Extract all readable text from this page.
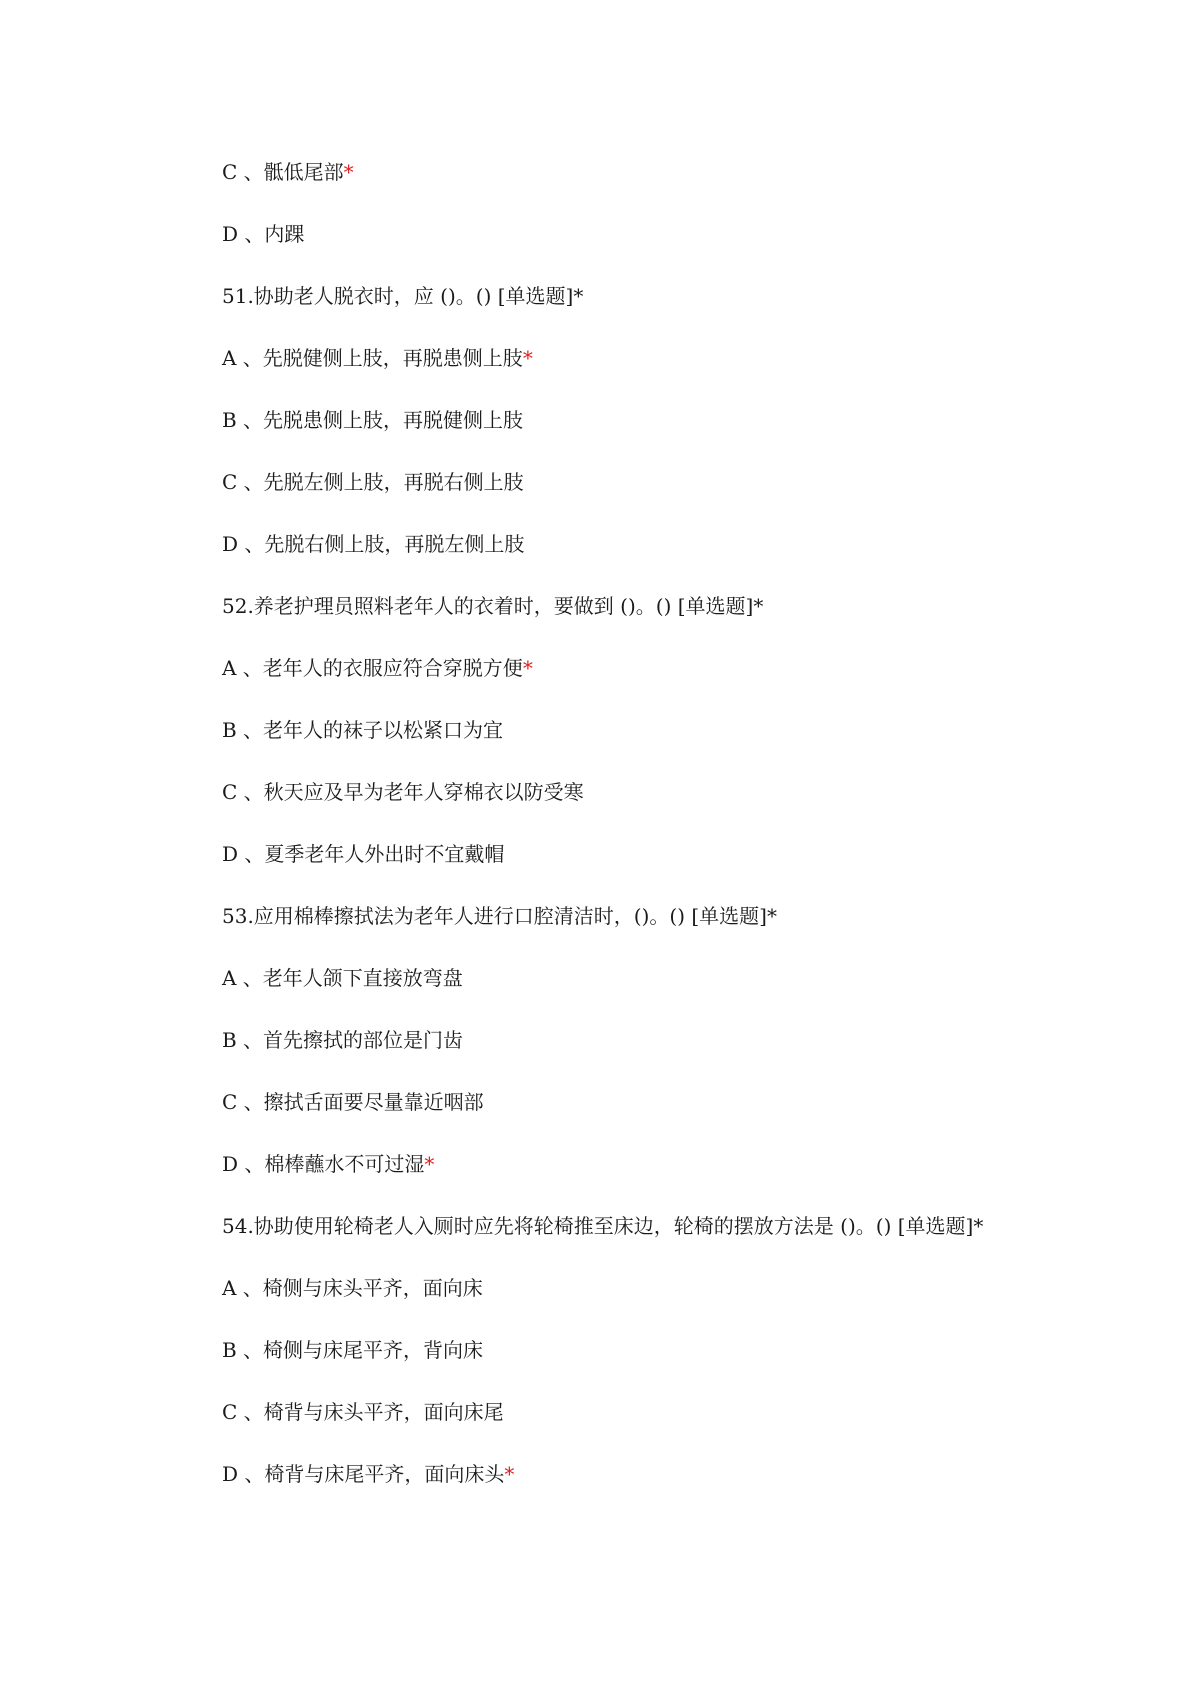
C 、骶低尾部*
D 、内踝
51.协助老人脱衣时，应 ()。() [单选题]*
A 、先脱健侧上肢，再脱患侧上肢*
B 、先脱患侧上肢，再脱健侧上肢
C 、先脱左侧上肢，再脱右侧上肢
D 、先脱右侧上肢，再脱左侧上肢
52.养老护理员照料老年人的衣着时，要做到 ()。() [单选题]*
A 、老年人的衣服应符合穿脱方便*
B 、老年人的袜子以松紧口为宜
C 、秋天应及早为老年人穿棉衣以防受寒
D 、夏季老年人外出时不宜戴帽
53.应用棉棒擦拭法为老年人进行口腔清洁时，()。() [单选题]*
A 、老年人颌下直接放弯盘
B 、首先擦拭的部位是门齿
C 、擦拭舌面要尽量靠近咽部
D 、棉棒蘸水不可过湿*
54.协助使用轮椅老人入厕时应先将轮椅推至床边，轮椅的摆放方法是 ()。() [单选题]*
A 、椅侧与床头平齐，面向床
B 、椅侧与床尾平齐，背向床
C 、椅背与床头平齐，面向床尾
D 、椅背与床尾平齐，面向床头*
